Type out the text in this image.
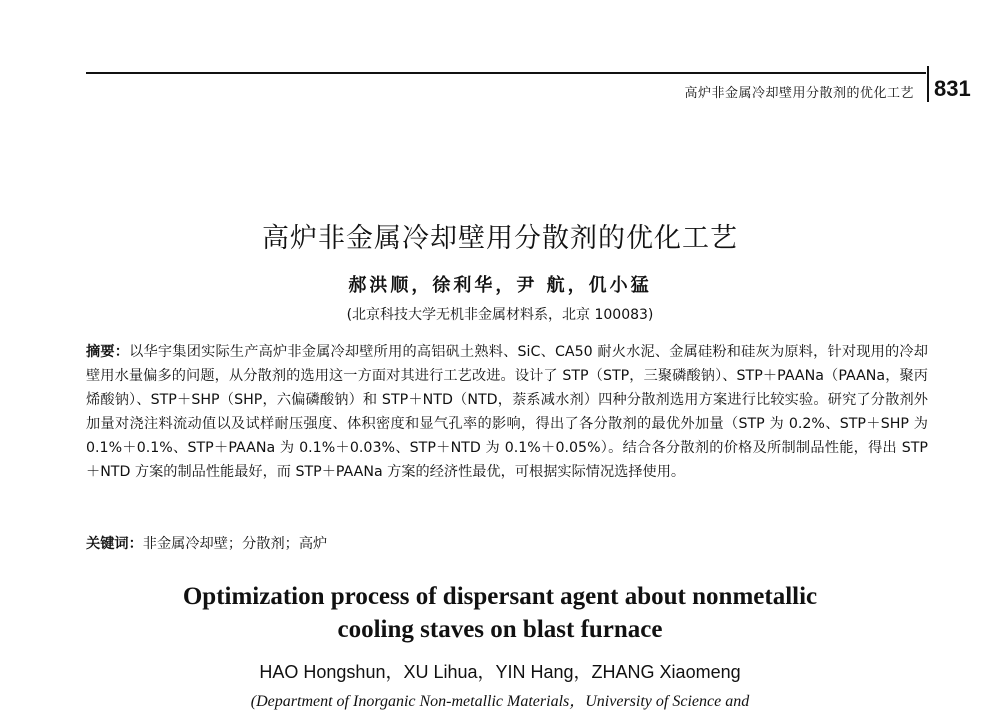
高炉非金属冷却壁用分散剂的优化工艺 831
高炉非金属冷却壁用分散剂的优化工艺
郝洪顺，徐利华，尹 航，仉小猛
(北京科技大学无机非金属材料系，北京 100083)
摘要：以华宇集团实际生产高炉非金属冷却壁所用的高铝矾土熟料、SiC、CA50 耐火水泥、金属硅粉和硅灰为原料，针对现用的冷却壁用水量偏多的问题，从分散剂的选用这一方面对其进行工艺改进。设计了 STP（STP，三聚磷酸钠）、STP＋PAANa（PAANa，聚丙烯酸钠）、STP＋SHP（SHP，六偏磷酸钠）和 STP＋NTD（NTD，萘系减水剂）四种分散剂选用方案进行比较实验。研究了分散剂外加量对浇注料流动值以及试样耐压强度、体积密度和显气孔率的影响，得出了各分散剂的最优外加量（STP 为 0.2%、STP＋SHP 为 0.1%＋0.1%、STP＋PAANa 为 0.1%＋0.03%、STP＋NTD 为 0.1%＋0.05%）。结合各分散剂的价格及所制制品性能，得出 STP＋NTD 方案的制品性能最好，而 STP＋PAANa 方案的经济性最优，可根据实际情况选择使用。
关键词：非金属冷却壁；分散剂；高炉
Optimization process of dispersant agent about nonmetallic
cooling staves on blast furnace
HAO Hongshun，XU Lihua，YIN Hang，ZHANG Xiaomeng
(Department of Inorganic Non-metallic Materials，University of Science and
